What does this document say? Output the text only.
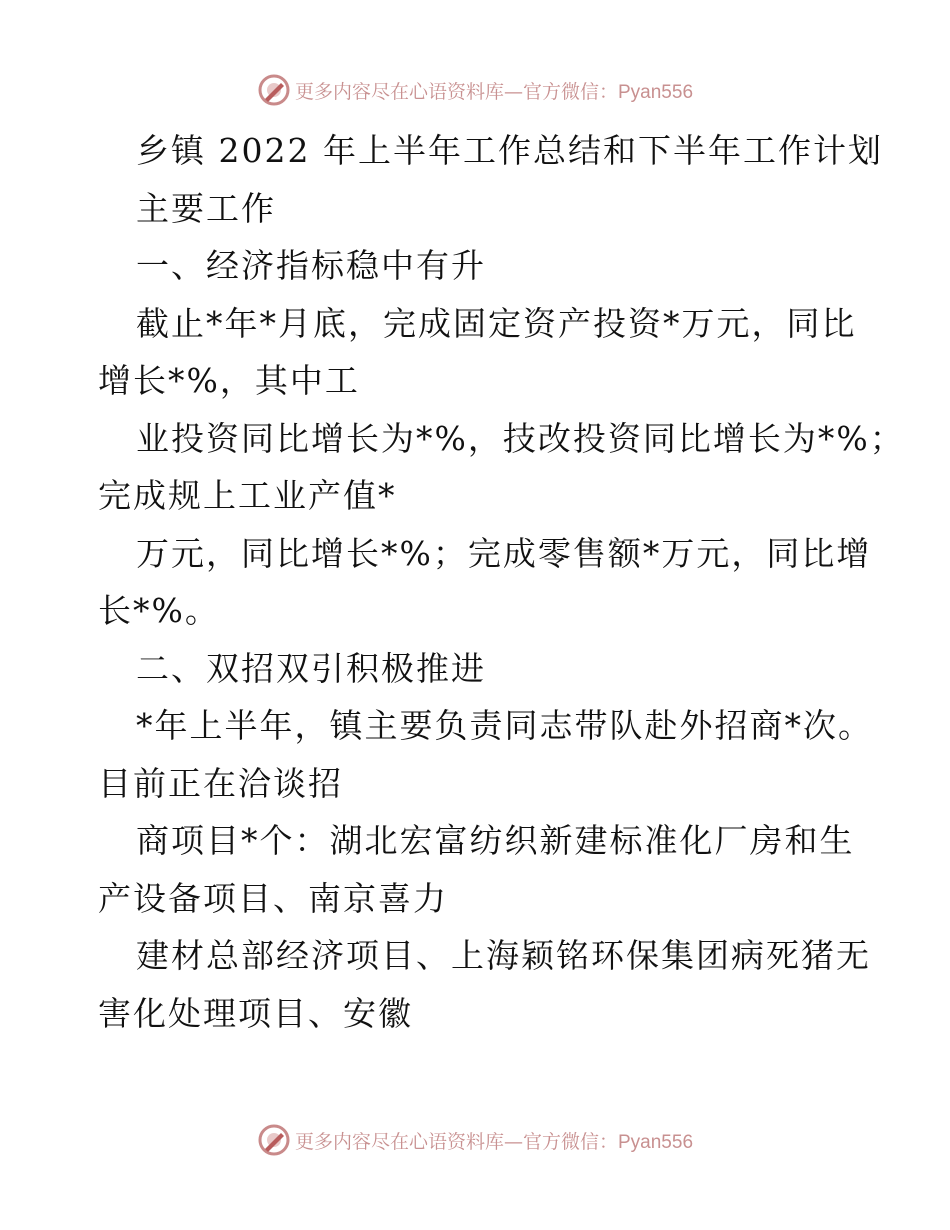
更多内容尽在心语资料库—官方微信：Pyan556
乡镇 2022 年上半年工作总结和下半年工作计划
主要工作
一、经济指标稳中有升
截止*年*月底，完成固定资产投资*万元，同比
增长*%，其中工
业投资同比增长为*%，技改投资同比增长为*%；
完成规上工业产值*
万元，同比增长*%；完成零售额*万元，同比增
长*%。
二、双招双引积极推进
*年上半年，镇主要负责同志带队赴外招商*次。
目前正在洽谈招
商项目*个：湖北宏富纺织新建标准化厂房和生
产设备项目、南京喜力
建材总部经济项目、上海颖铭环保集团病死猪无
害化处理项目、安徽
更多内容尽在心语资料库—官方微信：Pyan556
